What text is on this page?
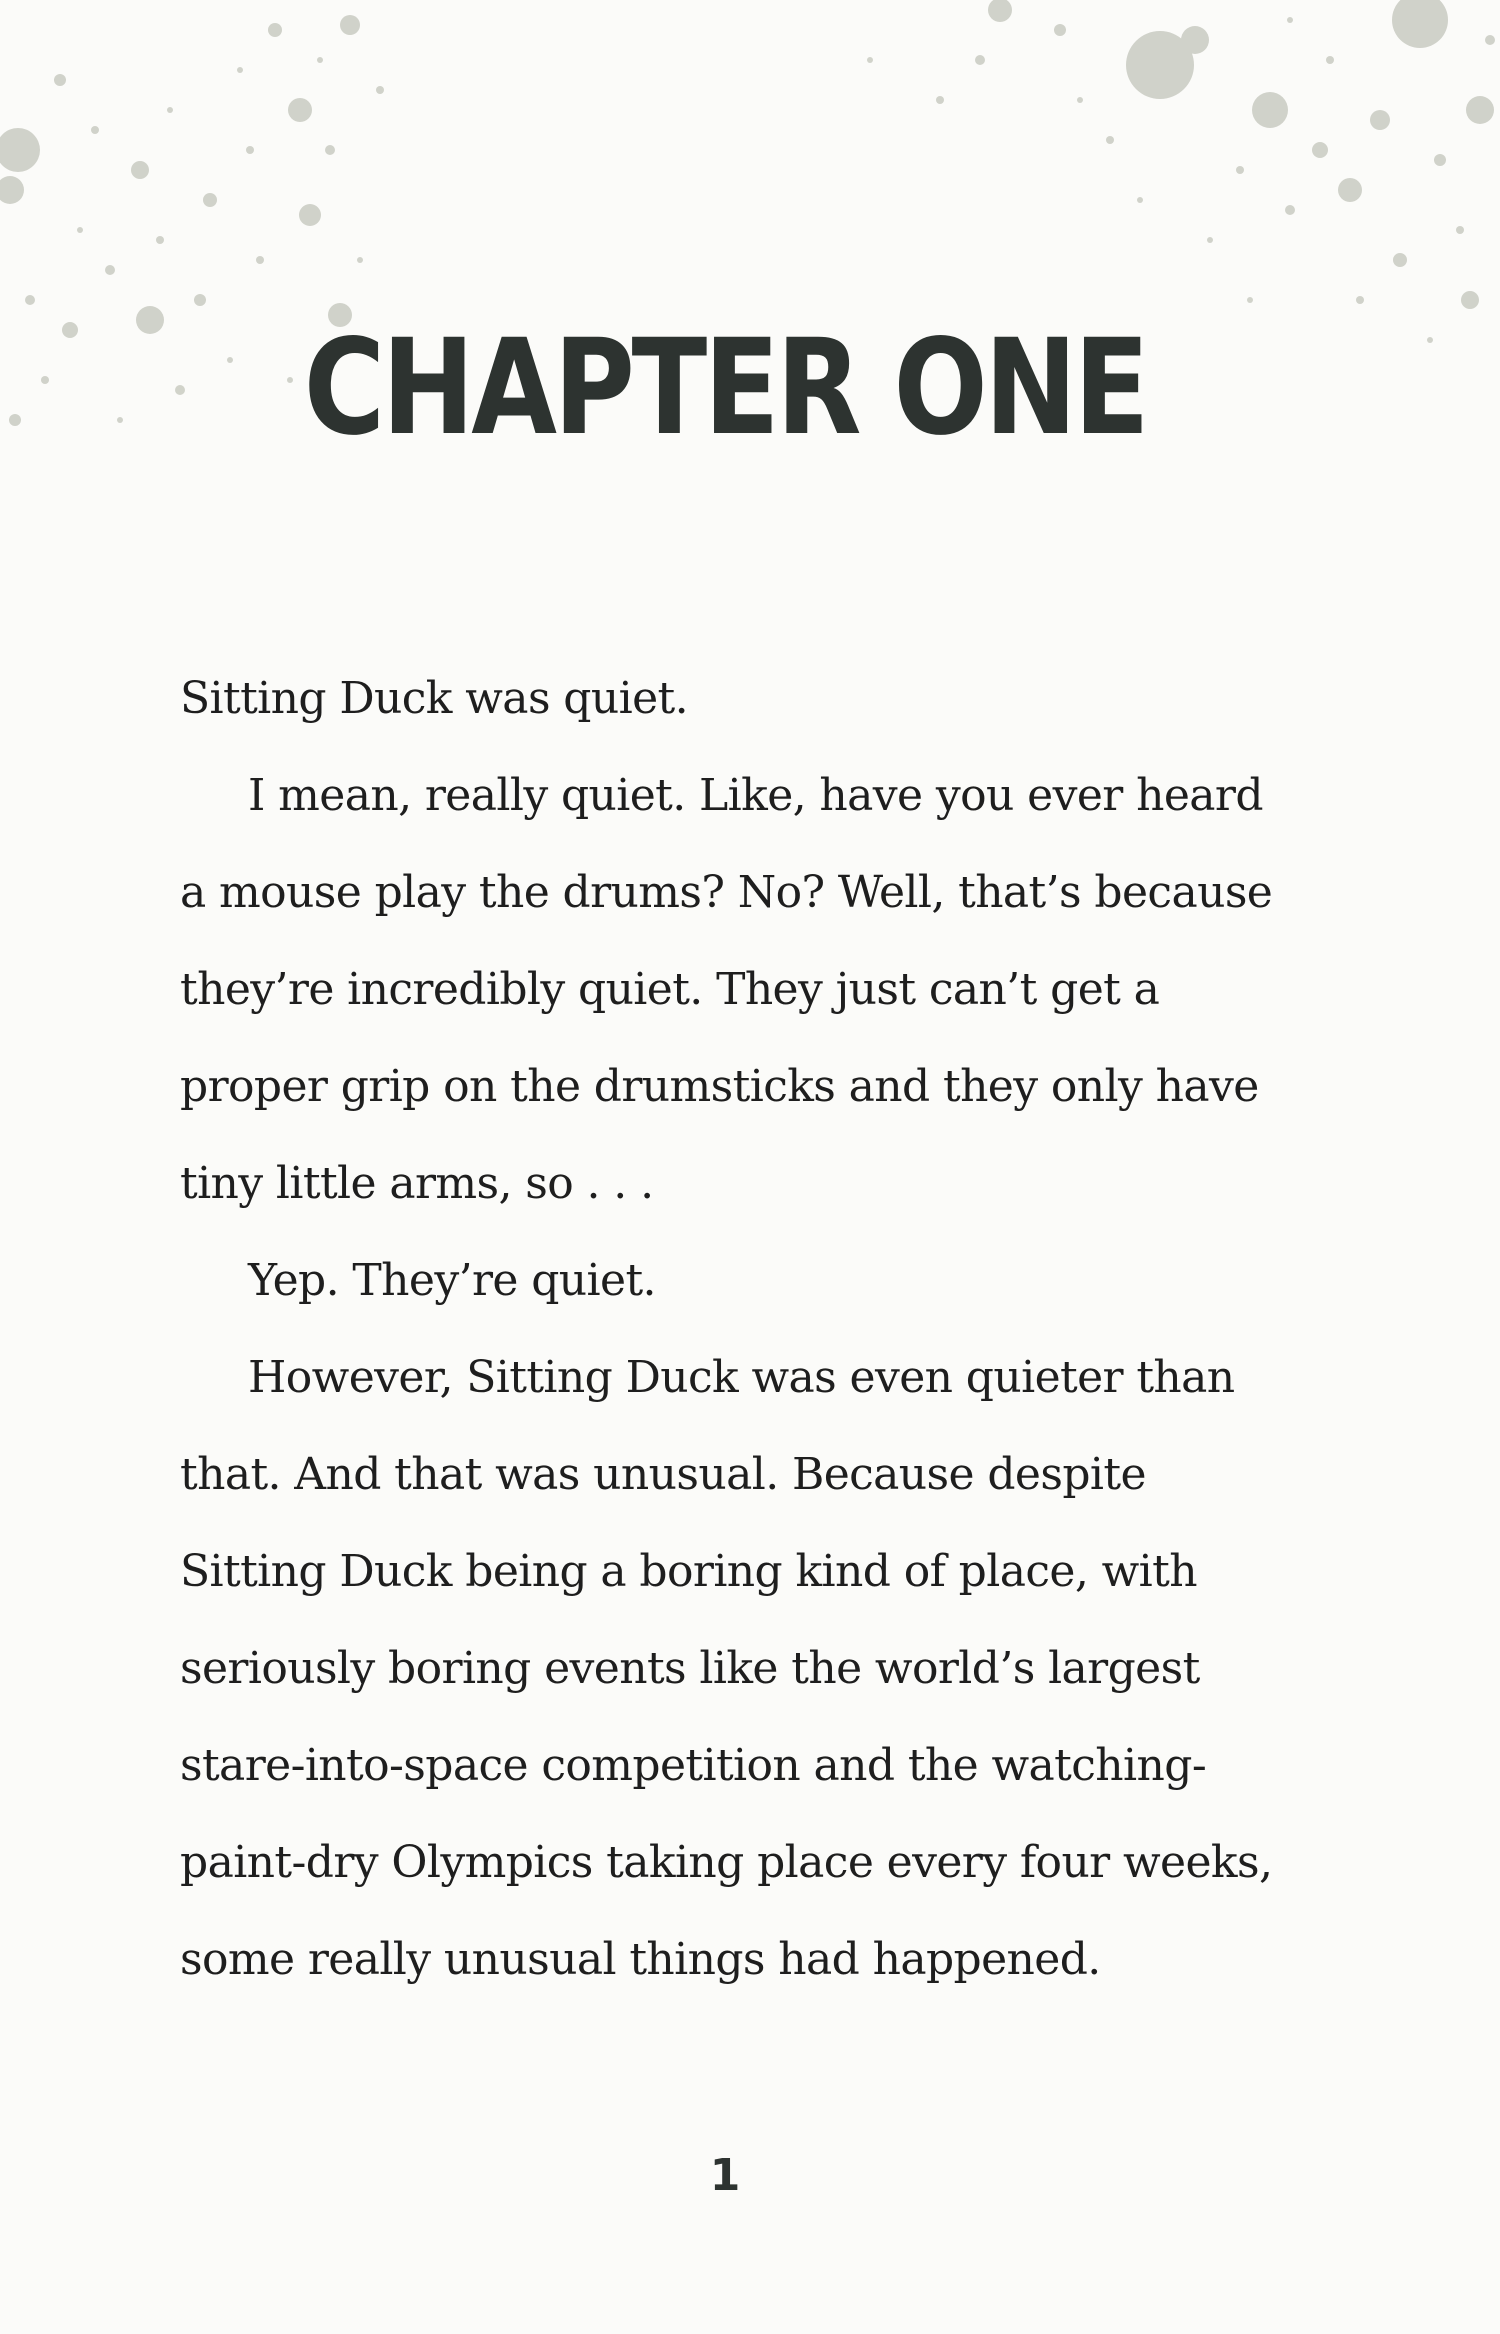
CHAPTER ONE

Sitting Duck was quiet.

I mean, really quiet. Like, have you ever heard

a mouse play the drums? No? Well, that’s because

they’re incredibly quiet. They just can’t get a

proper grip on the drumsticks and they only have

tiny little arms, so . . .

Yep. They’re quiet.

However, Sitting Duck was even quieter than

that. And that was unusual. Because despite

Sitting Duck being a boring kind of place, with

seriously boring events like the world’s largest

stare-into-space competition and the watching-

paint-dry Olympics taking place every four weeks,

some really unusual things had happened.

1
